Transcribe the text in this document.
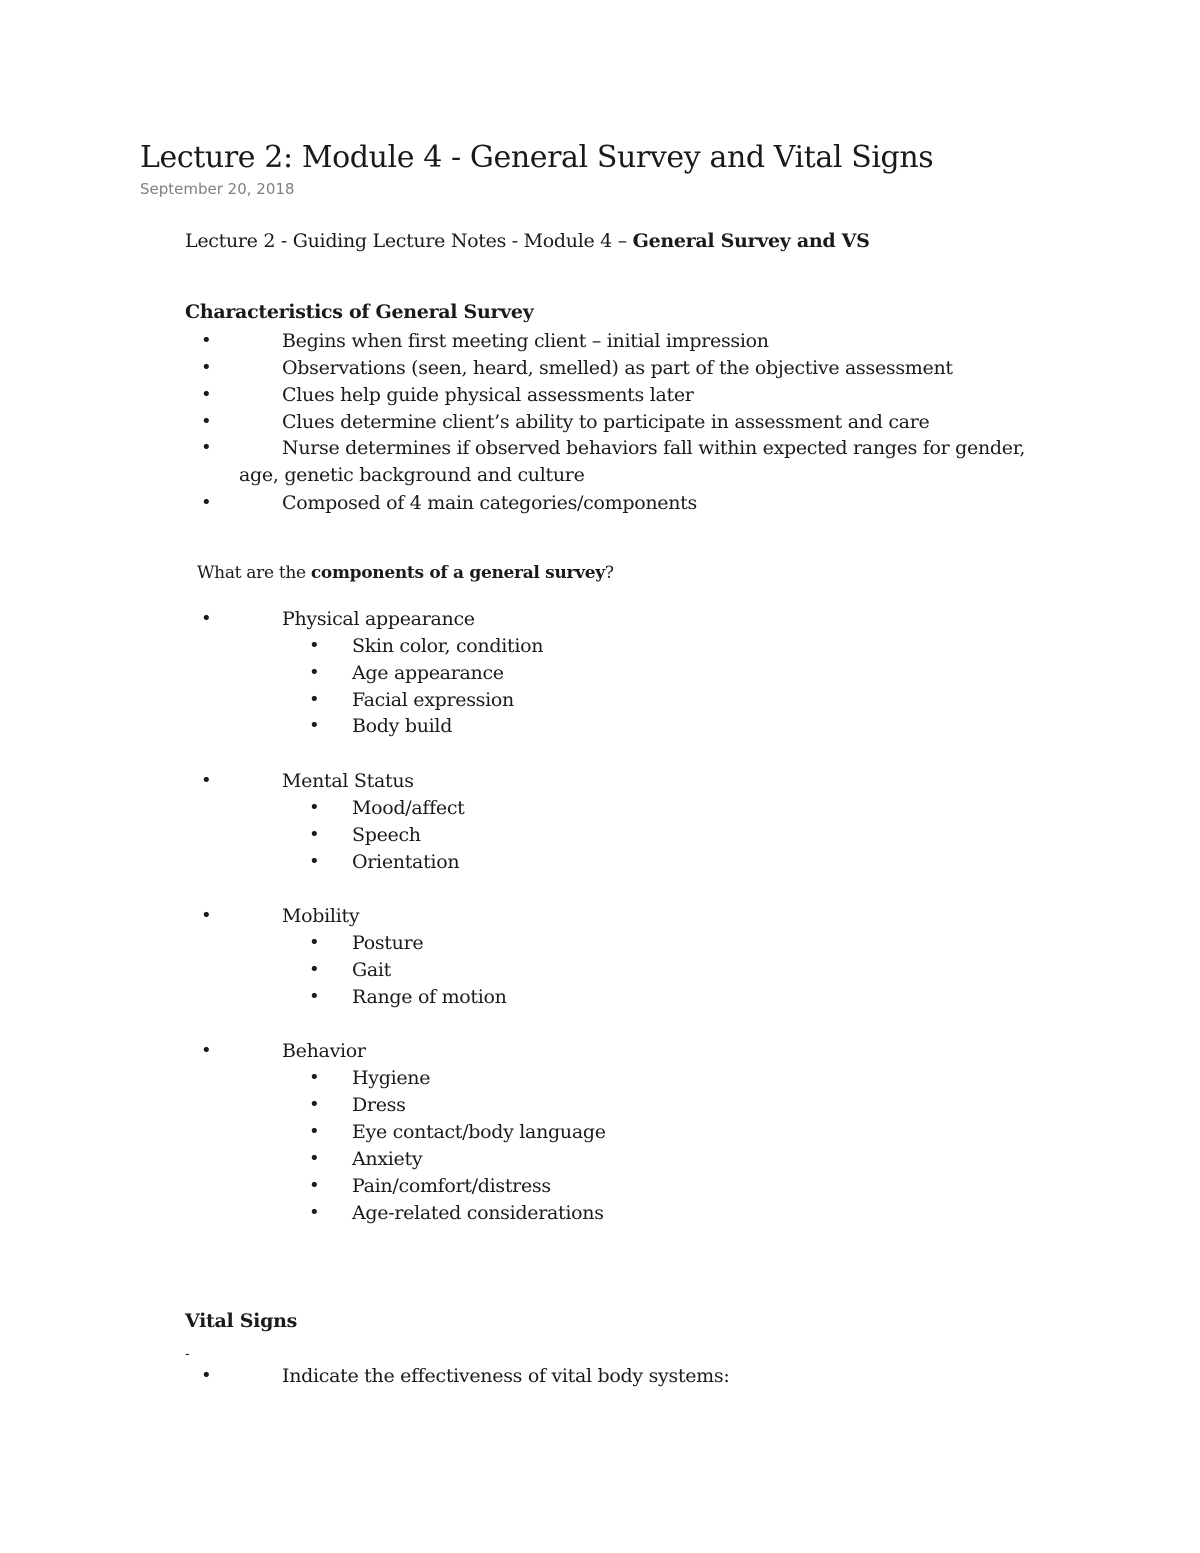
Lecture 2: Module 4 - General Survey and Vital Signs
September 20, 2018
Lecture 2 - Guiding Lecture Notes - Module 4 – General Survey and VS
Characteristics of General Survey
•	Begins when first meeting client – initial impression
•	Observations (seen, heard, smelled) as part of the objective assessment
•	Clues help guide physical assessments later
•	Clues determine client’s ability to participate in assessment and care
•	Nurse determines if observed behaviors fall within expected ranges for gender,
age, genetic background and culture
•	Composed of 4 main categories/components
What are the components of a general survey?
•	Physical appearance
• Skin color, condition
• Age appearance
• Facial expression
• Body build
•	Mental Status
• Mood/affect
• Speech
• Orientation
•	Mobility
• Posture
• Gait
• Range of motion
•	Behavior
• Hygiene
• Dress
• Eye contact/body language
• Anxiety
• Pain/comfort/distress
• Age-related considerations
Vital Signs
-
•	Indicate the effectiveness of vital body systems:
